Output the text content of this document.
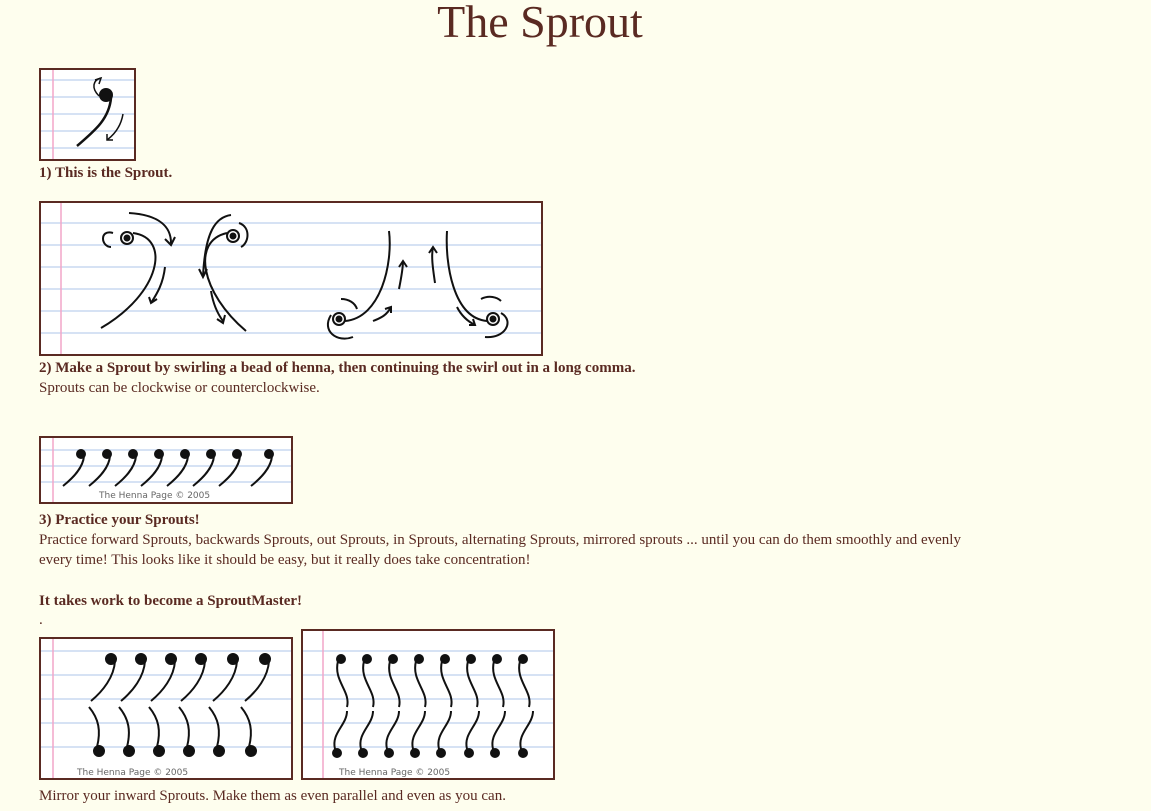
The Sprout
1) This is the Sprout.
2) Make a Sprout by swirling a bead of henna, then continuing the swirl out in a long comma.
Sprouts can be clockwise or counterclockwise.
The Henna Page © 2005
3) Practice your Sprouts!
Practice forward Sprouts, backwards Sprouts, out Sprouts, in Sprouts, alternating Sprouts, mirrored sprouts ... until you can do them smoothly and evenly
every time! This looks like it should be easy, but it really does take concentration!
It takes work to become a SproutMaster!
.
The Henna Page © 2005	The Henna Page © 2005
Mirror your inward Sprouts. Make them as even parallel and even as you can.
